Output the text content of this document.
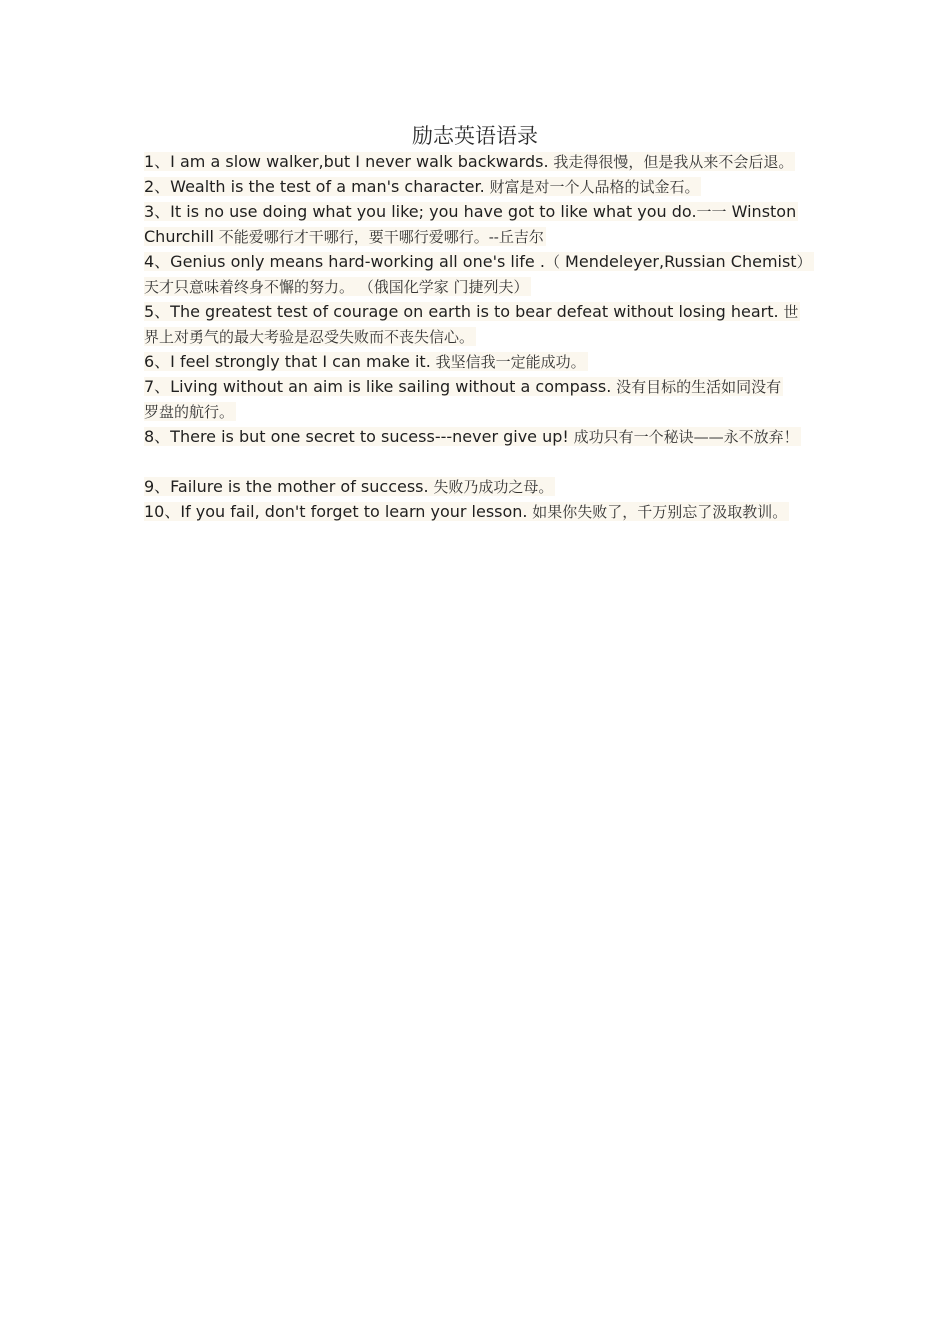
励志英语语录
1、I am a slow walker,but I never walk backwards. 我走得很慢，但是我从来不会后退。
2、Wealth is the test of a man's character. 财富是对一个人品格的试金石。
3、It is no use doing what you like; you have got to like what you do.一一 Winston
Churchill 不能爱哪行才干哪行，要干哪行爱哪行。--丘吉尔
4、Genius only means hard-working all one's life .（ Mendeleyer,Russian Chemist）
天才只意味着终身不懈的努力。 （俄国化学家 门捷列夫）
5、The greatest test of courage on earth is to bear defeat without losing heart. 世
界上对勇气的最大考验是忍受失败而不丧失信心。
6、I feel strongly that I can make it. 我坚信我一定能成功。
7、Living without an aim is like sailing without a compass. 没有目标的生活如同没有
罗盘的航行。
8、There is but one secret to sucess---never give up! 成功只有一个秘诀——永不放弃！
9、Failure is the mother of success. 失败乃成功之母。
10、If you fail, don't forget to learn your lesson. 如果你失败了，千万别忘了汲取教训。
